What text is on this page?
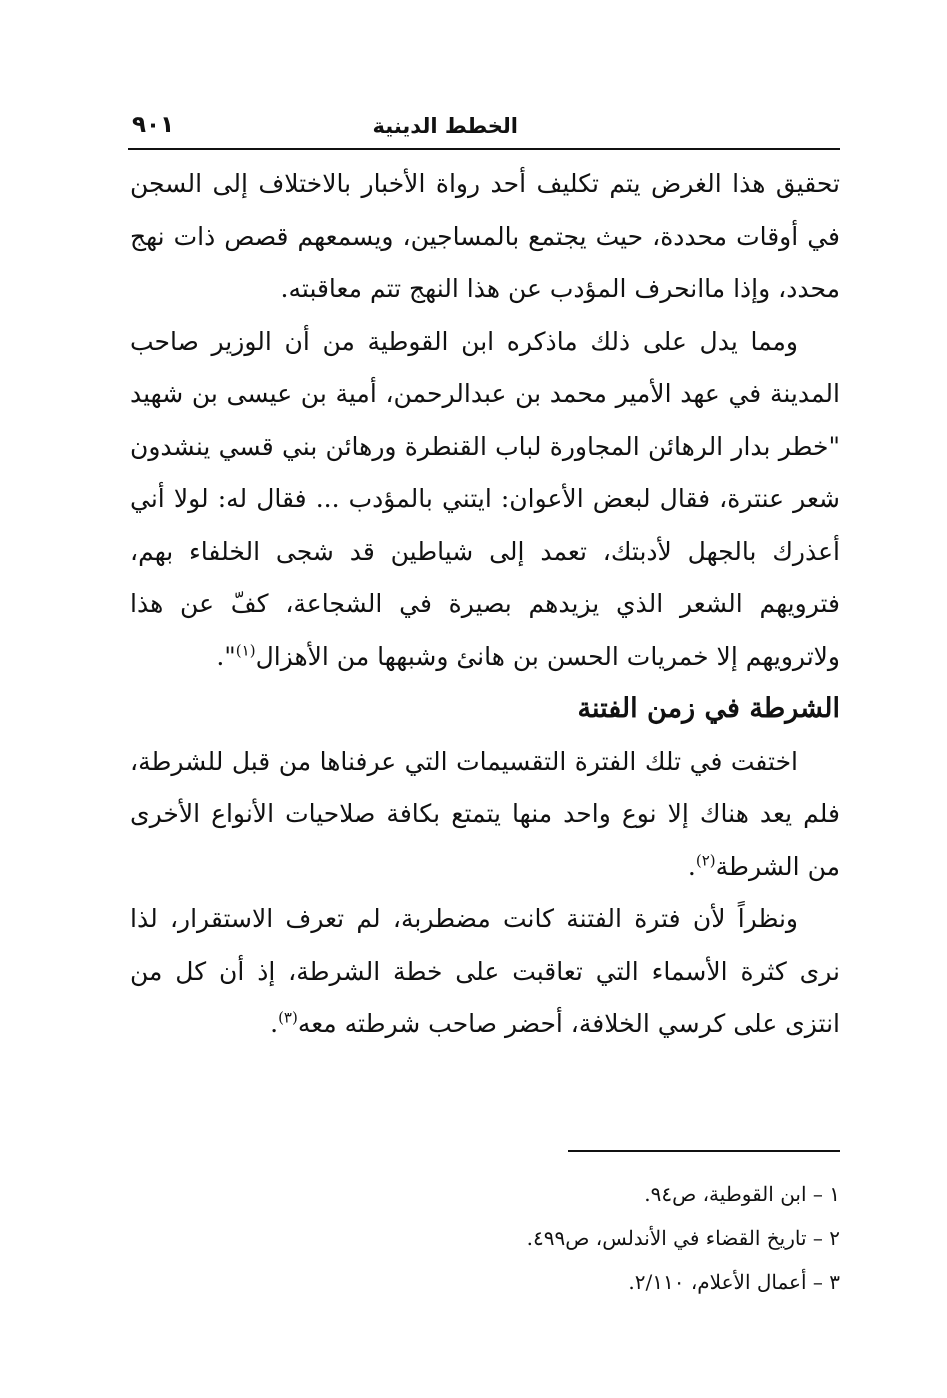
الخطط الدينية
٩٠١

تحقيق هذا الغرض يتم تكليف أحد رواة الأخبار بالاختلاف إلى السجن في أوقات محددة، حيث يجتمع بالمساجين، ويسمعهم قصص ذات نهج محدد، وإذا ماانحرف المؤدب عن هذا النهج تتم معاقبته.

ومما يدل على ذلك ماذكره ابن القوطية من أن الوزير صاحب المدينة في عهد الأمير محمد بن عبدالرحمن، أمية بن عيسى بن شهيد "خطر بدار الرهائن المجاورة لباب القنطرة ورهائن بني قسي ينشدون شعر عنترة، فقال لبعض الأعوان: ايتني بالمؤدب ... فقال له: لولا أني أعذرك بالجهل لأدبتك، تعمد إلى شياطين قد شجى الخلفاء بهم، فترويهم الشعر الذي يزيدهم بصيرة في الشجاعة، كفّ عن هذا ولاترويهم إلا خمريات الحسن بن هانئ وشبهها من الأهزال$^{(١)}$".

الشرطة في زمن الفتنة

اختفت في تلك الفترة التقسيمات التي عرفناها من قبل للشرطة، فلم يعد هناك إلا نوع واحد منها يتمتع بكافة صلاحيات الأنواع الأخرى من الشرطة$^{(٢)}$.

ونظراً لأن فترة الفتنة كانت مضطربة، لم تعرف الاستقرار، لذا نرى كثرة الأسماء التي تعاقبت على خطة الشرطة، إذ أن كل من انتزى على كرسي الخلافة، أحضر صاحب شرطته معه$^{(٣)}$.

١ – ابن القوطية، ص٩٤.

٢ – تاريخ القضاء في الأندلس، ص٤٩٩.

٣ – أعمال الأعلام، ٢/١١٠.
